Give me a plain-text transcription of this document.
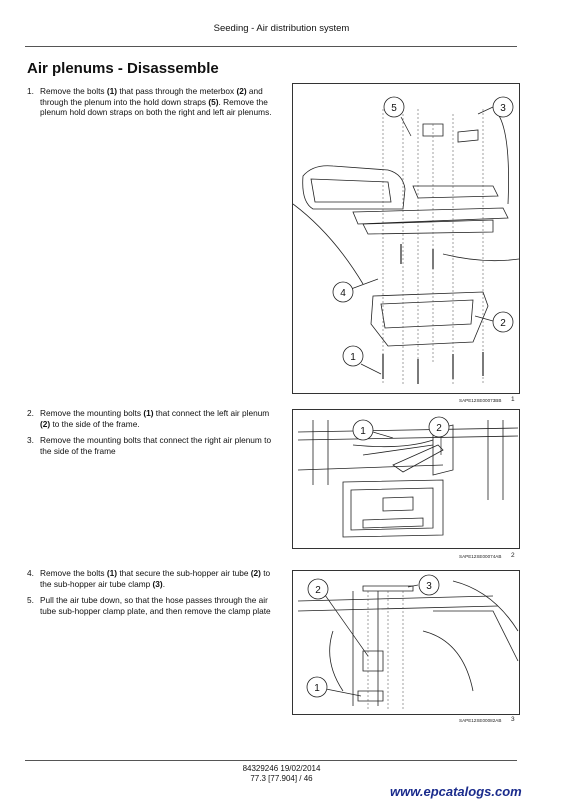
Seeding - Air distribution system
Air plenums - Disassemble
1. Remove the bolts (1) that pass through the meterbox (2) and through the plenum into the hold down straps (5). Remove the plenum hold down straps on both the right and left air plenums.
2. Remove the mounting bolts (1) that connect the left air plenum (2) to the side of the frame.
3. Remove the mounting bolts that connect the right air plenum to the side of the frame
4. Remove the bolts (1) that secure the sub-hopper air tube (2) to the sub-hopper air tube clamp (3).
5. Pull the air tube down, so that the hose passes through the air tube sub-hopper clamp plate, and then remove the clamp plate
5	3
4
2
1
SAPE12SE00073BB 1
1	2
SAPE12SE00074AB 2
2	3
1
SAPE12SE00082AB 3
84329246 19/02/2014
77.3 [77.904] / 46
www.epcatalogs.com
